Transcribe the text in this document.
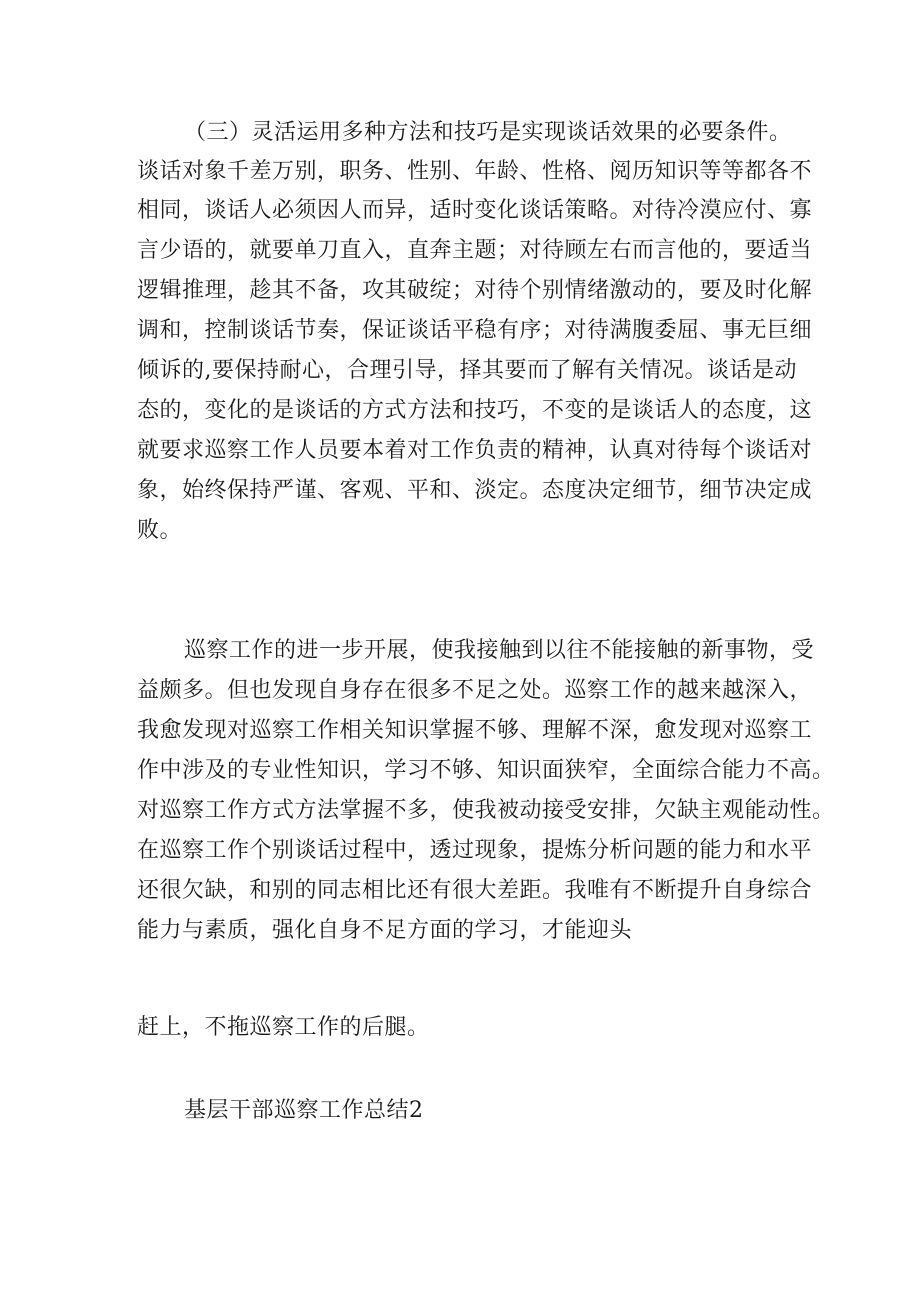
（三）灵活运用多种方法和技巧是实现谈话效果的必要条件。
谈话对象千差万别，职务、性别、年龄、性格、阅历知识等等都各不
相同，谈话人必须因人而异，适时变化谈话策略。对待冷漠应付、寡
言少语的，就要单刀直入，直奔主题；对待顾左右而言他的，要适当
逻辑推理，趁其不备，攻其破绽；对待个别情绪激动的，要及时化解
调和，控制谈话节奏，保证谈话平稳有序；对待满腹委屈、事无巨细
倾诉的,要保持耐心，合理引导，择其要而了解有关情况。谈话是动
态的，变化的是谈话的方式方法和技巧，不变的是谈话人的态度，这
就要求巡察工作人员要本着对工作负责的精神，认真对待每个谈话对
象，始终保持严谨、客观、平和、淡定。态度决定细节，细节决定成
败。
巡察工作的进一步开展，使我接触到以往不能接触的新事物，受
益颇多。但也发现自身存在很多不足之处。巡察工作的越来越深入，
我愈发现对巡察工作相关知识掌握不够、理解不深，愈发现对巡察工
作中涉及的专业性知识，学习不够、知识面狭窄，全面综合能力不高。
对巡察工作方式方法掌握不多，使我被动接受安排，欠缺主观能动性。
在巡察工作个别谈话过程中，透过现象，提炼分析问题的能力和水平
还很欠缺，和别的同志相比还有很大差距。我唯有不断提升自身综合
能力与素质，强化自身不足方面的学习，才能迎头
赶上，不拖巡察工作的后腿。
基层干部巡察工作总结2
